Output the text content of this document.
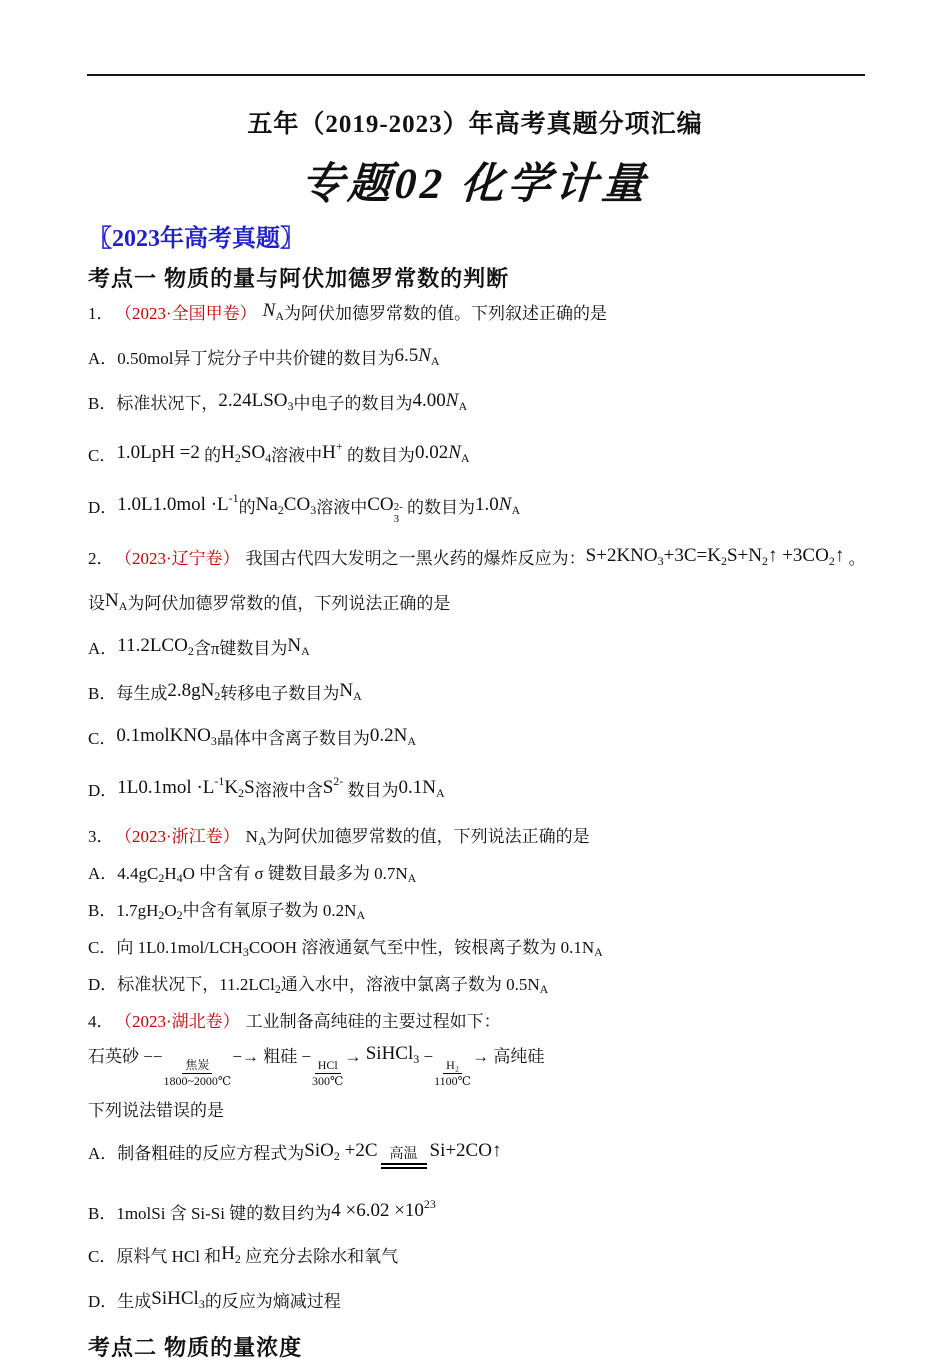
五年（2019-2023）年高考真题分项汇编
专题02 化学计量
〖2023年高考真题〗
考点一 物质的量与阿伏加德罗常数的判断

1． （2023·全国甲卷） NA为阿伏加德罗常数的值。下列叙述正确的是

A．0.50mol异丁烷分子中共价键的数目为6.5NA

B．标准状况下，2.24LSO3中电子的数目为4.00NA

C．1.0LpH =2 的H2SO4溶液中H+ 的数目为0.02NA

D．$1.0L1.0mol \cdot L^{-1}$的Na2CO3溶液中CO 2-
3
的数目为1.0NA

2． （2023·辽宁卷） 我国古代四大发明之一黑火药的爆炸反应为：S+2KNO3+3C=K2S+N2↑ +3CO2↑ 。

设NA为阿伏加德罗常数的值，下列说法正确的是

A．11.2LCO2含π键数目为NA

B．每生成2.8gN2转移电子数目为NA

C．0.1molKNO3晶体中含离子数目为0.2NA

D．$1L0.1mol \cdot L^{-1}K2S$溶液中含$S^{2-}$ 数目为0.1NA

3． （2023·浙江卷） NA为阿伏加德罗常数的值，下列说法正确的是

A．4.4gC2H4O 中含有 σ 键数目最多为 0.7NA

B．1.7gH2O2中含有氧原子数为 0.2NA

C．向 1L0.1mol/LCH3COOH 溶液通氨气至中性，铵根离子数为 0.1NA

D．标准状况下，11.2LCl2通入水中，溶液中氯离子数为 0.5NA

4． （2023·湖北卷） 工业制备高纯硅的主要过程如下：

石英砂 −− 焦炭
1800~2000℃
−→ 粗硅 − HCl
300℃
→ SiHCl3 −
$\frac{\text{H₂}}{1100℃}$
→ 高纯硅

下列说法错误的是

A．制备粗硅的反应方程式为SiO2 +2C 高温 Si+2CO↑

B．1molSi 含 Si-Si 键的数目约为$4 \times 6.02 \times 10^{23}$

C．原料气 HCl 和H2 应充分去除水和氧气

D．生成SiHCl3的反应为熵减过程

考点二 物质的量浓度
